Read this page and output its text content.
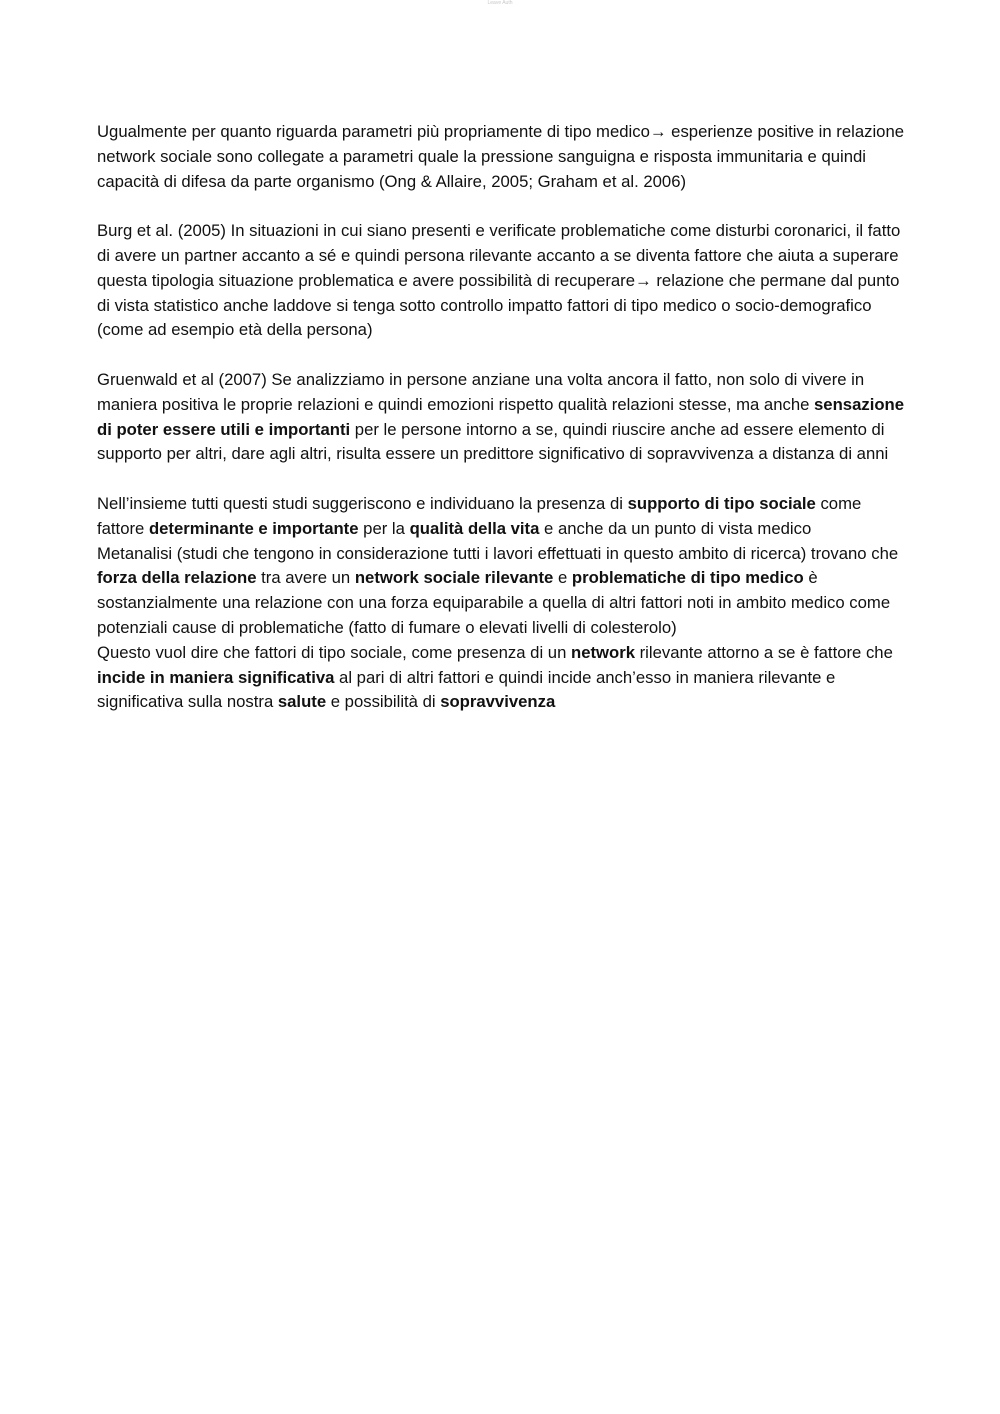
Leave Auth

Ugualmente per quanto riguarda parametri più propriamente di tipo medico→ esperienze positive in relazione network sociale sono collegate a parametri quale la pressione sanguigna e risposta immunitaria e quindi capacità di difesa da parte organismo (Ong & Allaire, 2005; Graham et al. 2006)

Burg et al. (2005) In situazioni in cui siano presenti e verificate problematiche come disturbi coronarici, il fatto di avere un partner accanto a sé e quindi persona rilevante accanto a se diventa fattore che aiuta a superare questa tipologia situazione problematica e avere possibilità di recuperare→ relazione che permane dal punto di vista statistico anche laddove si tenga sotto controllo impatto fattori di tipo medico o socio-demografico (come ad esempio età della persona)

Gruenwald et al (2007) Se analizziamo in persone anziane una volta ancora il fatto, non solo di vivere in maniera positiva le proprie relazioni e quindi emozioni rispetto qualità relazioni stesse, ma anche sensazione di poter essere utili e importanti per le persone intorno a se, quindi riuscire anche ad essere elemento di supporto per altri, dare agli altri, risulta essere un predittore significativo di sopravvivenza a distanza di anni

Nell’insieme tutti questi studi suggeriscono e individuano la presenza di supporto di tipo sociale come fattore determinante e importante per la qualità della vita e anche da un punto di vista medico

Metanalisi (studi che tengono in considerazione tutti i lavori effettuati in questo ambito di ricerca) trovano che forza della relazione tra avere un network sociale rilevante e problematiche di tipo medico è sostanzialmente una relazione con una forza equiparabile a quella di altri fattori noti in ambito medico come potenziali cause di problematiche (fatto di fumare o elevati livelli di colesterolo)

Questo vuol dire che fattori di tipo sociale, come presenza di un network rilevante attorno a se è fattore che incide in maniera significativa al pari di altri fattori e quindi incide anch’esso in maniera rilevante e significativa sulla nostra salute e possibilità di sopravvivenza
